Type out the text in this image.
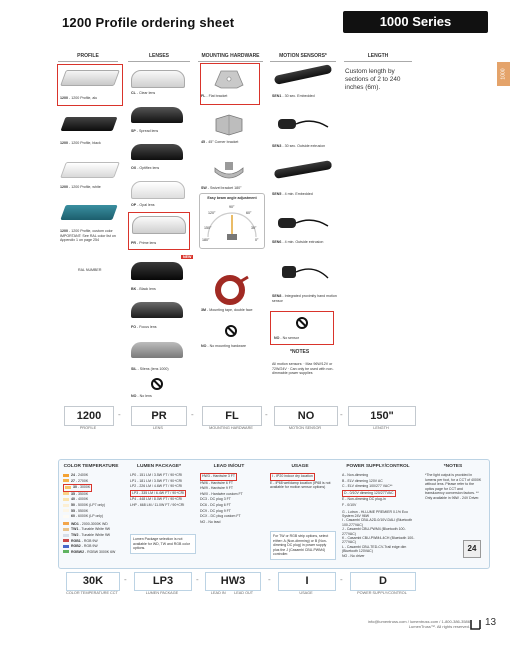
1200 Profile ordering sheet	1000 Series
1000
PROFILE	LENSES	MOUNTING HARDWARE	MOTION SENSORS*	LENGTH
1200 - 1200 Profile, alu
1200 - 1200 Profile, black
1200 - 1200 Profile, white
1200 - 1200 Profile, custom color
IMPORTANT: See RAL color list on Appendix 1 on page 254
RAL NUMBER
CL - Clear lens
SP - Spread lens
OX - Optiflex lens
OP - Opal lens
PR - Prime lens
NEW
BK - Black lens
FO - Focus lens
SIL - Silens (lens 1000)
NO - No lens
FL - Flat bracket
45 - 45° Corner bracket
SW - Swivel bracket 180°
Easy beam angle adjustment
90°
120°	60°
150°	30°
180°	0°
3M - Mounting tape, double face
NO - No mounting hardware
SEN1 - 30 sec. Embedded
SEN3 - 30 sec. Outside extrusion
SEN5 - 4 min. Embedded
SEN6 - 4 min. Outside extrusion
SEN8 - Integrated proximity hand motion sensor
NO - No sensor
*NOTES
All motion sensors: · Max 96W/12V or 72W/24V · Can only be used with non-dimmable power supplies
Custom length by sections of 2 to 240 inches (6m).
1200
PROFILE
-	PR
LENS
-	FL
MOUNTING HARDWARE
-	NO
MOTION SENSOR
-	150"
LENGTH
COLOR TEMPERATURE	LUMEN PACKAGE*	LEAD IN/OUT	USAGE	POWER SUPPLY/CONTROL	*NOTES
24 - 2400K
27 - 2700K
30 - 3000K
35 - 3500K
40 - 4000K
50 - 5000K (LP7 only)
55 - 5500K
60 - 6000K (LP only)
WD1 - 2000-3000K WD
TW1 - Tunable White 9W
TW2 - Tunable White 9W
RGB1 - RGB 9W
RGB2 - RGB 9W
RGBW2 - RGBW 3000K 6W
LP0 - 151 LM / 3.5W FT / 90+CRI
LP1 - 181 LM / 3.5W FT / 90+CRI
LP2 - 226 LM / 4.6W FT / 90+CRI
LP3 - 335 LM / 6.4W FT / 90+CRI
LP4 - 448 LM / 8.0W FT / 90+CRI
LHP - 668 LM / 11.0W FT / 90+CRI
Lumen Package selection is not available for WD, TW and RGB color options.
HW3 - Hardwire 3 FT
HW6 - Hardwire 6 FT
HW9 - Hardwire 9 FT
HWX - Hardwire custom FT
DC3 - DC plug 3 FT
DC6 - DC plug 6 FT
DC9 - DC plug 9 FT
DCX - DC plug custom FT
NO - No lead
I - IP20 indoor dry location
E - IP68 wet/damp location (IP68 is not available for motion sensor options)
For TW or RGB strip options, select either: A (Non-dimming) or B (Non-dimming DC plug) in power supply plus the J (Casambi CBU-PWM4) controller.
A - Non-dimming
B - ELV dimming 120V AC
C - ELV dimming 100/277 VAC**
D - 0/10V dimming 120/277VAC
E - Non-dimming DC plug-in
F - 0/10V
G - Lutron - Hi-LUME PREMIER 0.1% Eco System 24V 96W
I - Casambi CBU-A2D-0/10V-DALI (Bluetooth 100-277VAC)
J - Casambi CBU-PWM4 (Bluetooth 100-277VAC)
K - Casambi CBU-PWM4-4CH (Bluetooth 100-277VAC)
L - Casambi CBU-TED-CV-Trail edge dim (Bluetooth 120VAC)
NO - No driver
*The light output is provided in lumens per foot, for a CCT of 4000K without lens. Please refer to the optics page for CCT and translucency conversion factors. ** Only available in 96W - 24V Driver.
24
30K
COLOR TEMPERATURE CCT
-	LP3
LUMEN PACKAGE
-	HW3
LEAD IN        LEAD OUT
-	I
USAGE
-	D
POWER SUPPLY/CONTROL
info@lumentruss.com / lumentruss.com / 1-800-386-3586
LumenTruss™. All rights reserved. 13
